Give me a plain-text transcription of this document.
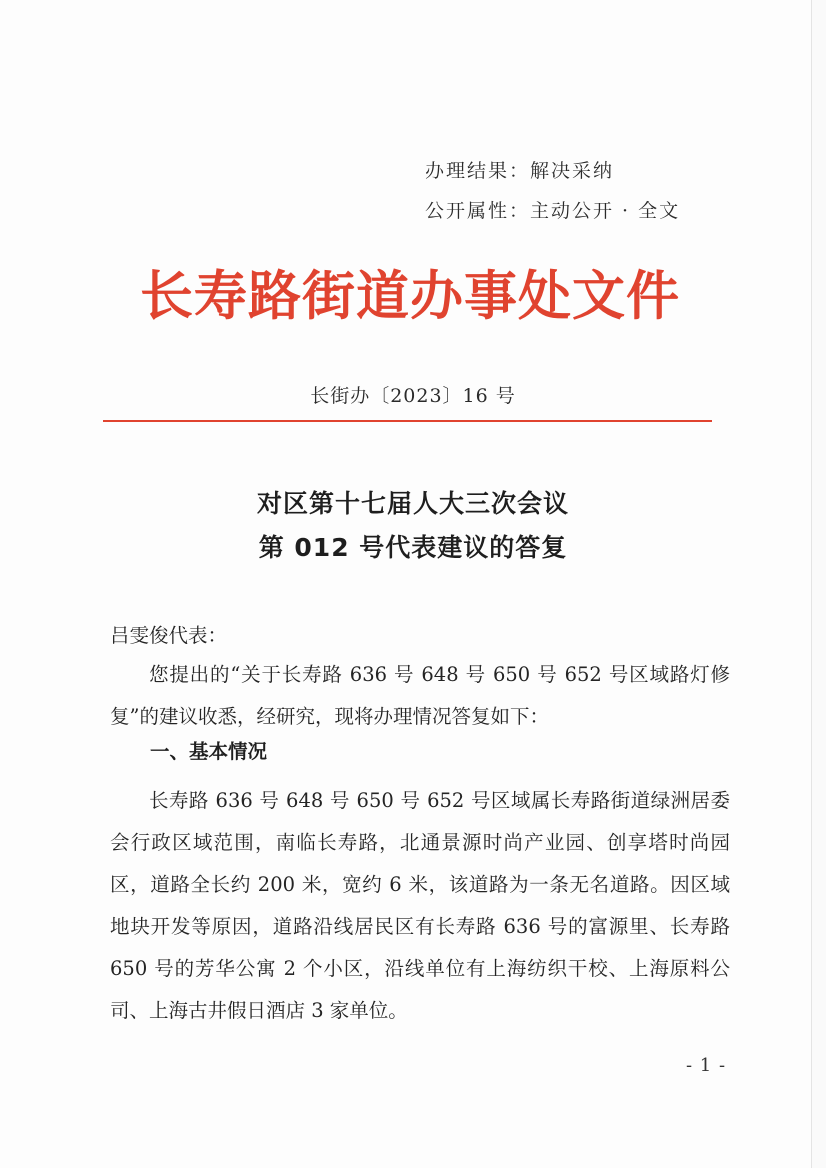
办理结果：解决采纳
公开属性：主动公开 · 全文
长寿路街道办事处文件
长街办〔2023〕16 号
对区第十七届人大三次会议
第 012 号代表建议的答复
吕雯俊代表：

您提出的“关于长寿路 636 号 648 号 650 号 652 号区域路灯修复”的建议收悉，经研究，现将办理情况答复如下：

一、基本情况

长寿路 636 号 648 号 650 号 652 号区域属长寿路街道绿洲居委会行政区域范围，南临长寿路，北通景源时尚产业园、创享塔时尚园区，道路全长约 200 米，宽约 6 米，该道路为一条无名道路。因区域地块开发等原因，道路沿线居民区有长寿路 636 号的富源里、长寿路 650 号的芳华公寓 2 个小区，沿线单位有上海纺织干校、上海原料公司、上海古井假日酒店 3 家单位。

- 1 -
